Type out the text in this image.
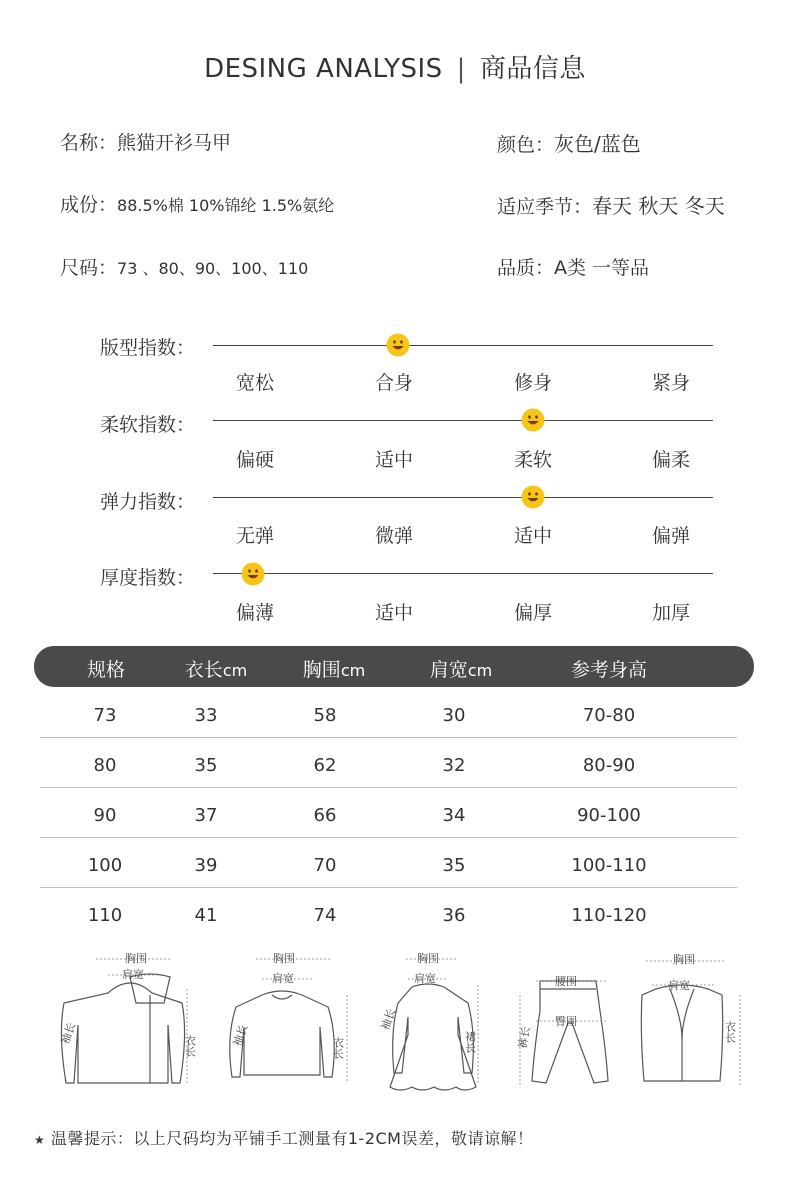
DESING ANALYSIS | 商品信息
名称：熊猫开衫马甲	颜色：灰色/蓝色
成份：88.5%棉 10%锦纶 1.5%氨纶	适应季节：春天 秋天 冬天
尺码：73 、80、90、100、110	品质：A类 一等品
版型指数：
宽松	合身	修身	紧身
柔软指数：
偏硬	适中	柔软	偏柔
弹力指数：
无弹	微弹	适中	偏弹
厚度指数：
偏薄	适中	偏厚	加厚
规格	衣长cm	胸围cm	肩宽cm	参考身高
73	33	58	30	70-80
80	35	62	32	80-90
90	37	66	34	90-100
100	39	70	35	100-110
110	41	74	36	110-120
胸围
肩宽
袖长	衣长
胸围
肩宽
袖长	衣长
胸围
肩宽
袖长
裙长
腰围
臀围
裤长
胸围
肩宽
衣长
★ 温馨提示：以上尺码均为平铺手工测量有1-2CM误差，敬请谅解！
